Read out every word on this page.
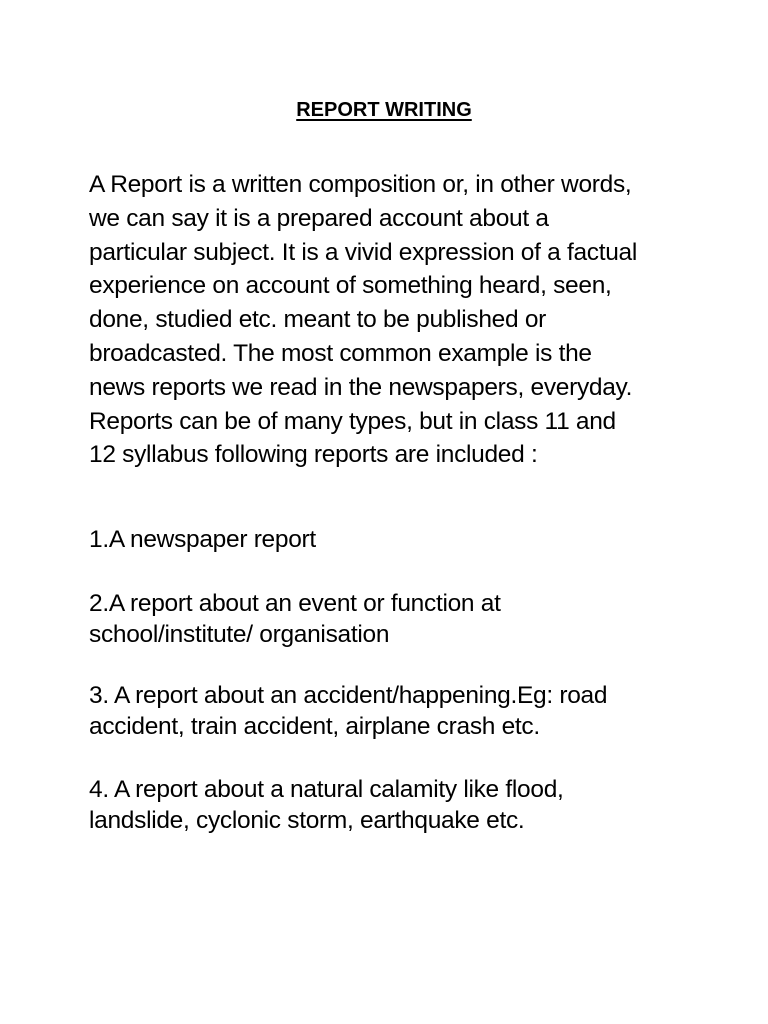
REPORT WRITING

A Report is a written composition or, in other words,
we can say it is a prepared account about a
particular subject. It is a vivid expression of a factual
experience on account of something heard, seen,
done, studied etc. meant to be published or
broadcasted. The most common example is the
news reports we read in the newspapers, everyday.
Reports can be of many types, but in class 11 and
12 syllabus following reports are included :

1.A newspaper report

2.A report about an event or function at
school/institute/ organisation

3. A report about an accident/happening.Eg: road
accident, train accident, airplane crash etc.

4. A report about a natural calamity like flood,
landslide, cyclonic storm, earthquake etc.
